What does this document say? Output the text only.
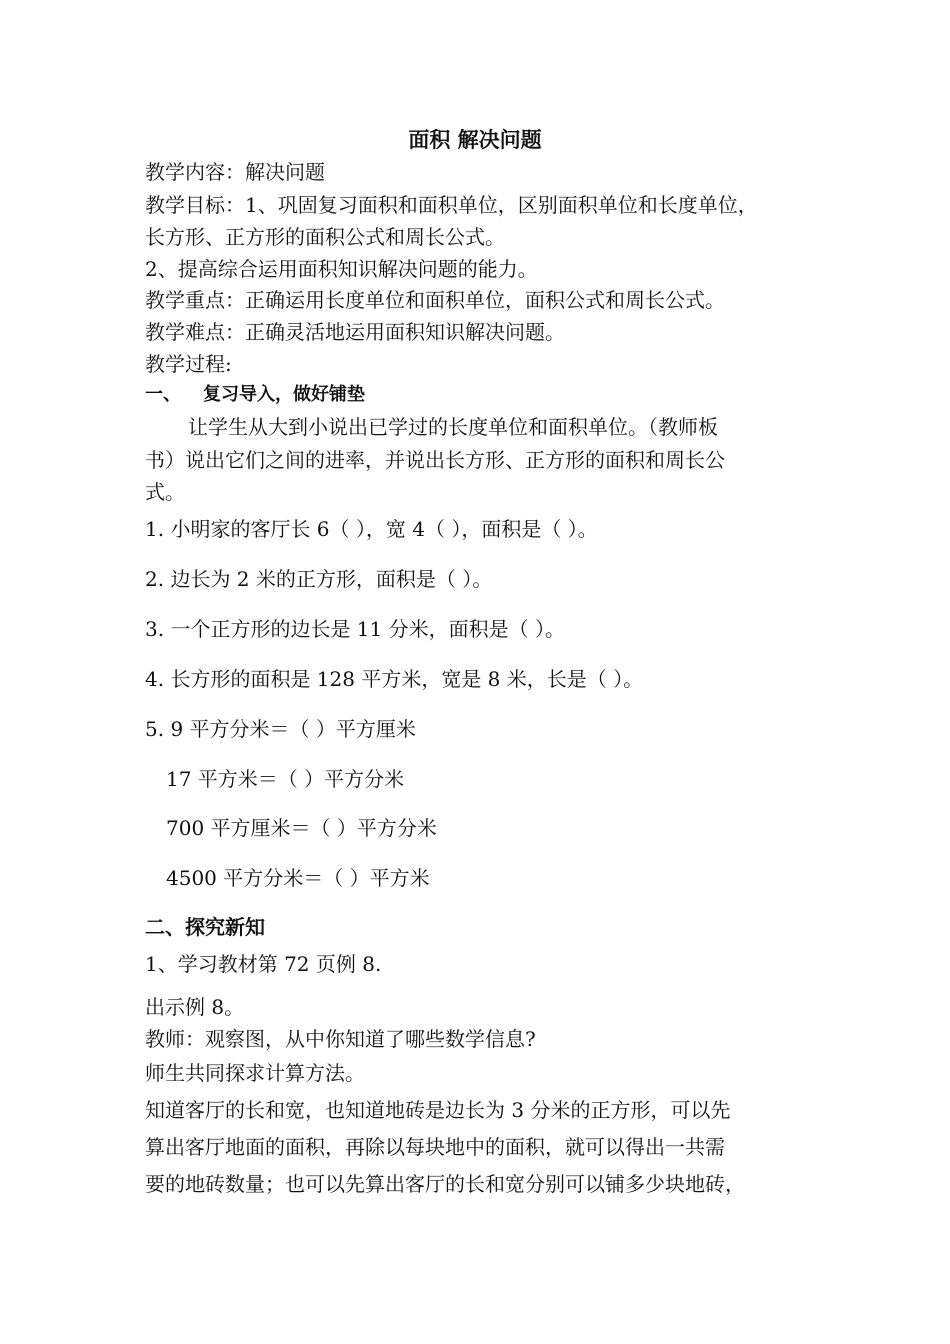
面积 解决问题
教学内容：解决问题
教学目标：1、巩固复习面积和面积单位，区别面积单位和长度单位，
长方形、正方形的面积公式和周长公式。
2、提高综合运用面积知识解决问题的能力。
教学重点：正确运用长度单位和面积单位，面积公式和周长公式。
教学难点：正确灵活地运用面积知识解决问题。
教学过程:
一、 复习导入，做好铺垫
让学生从大到小说出已学过的长度单位和面积单位。（教师板
书）说出它们之间的进率，并说出长方形、正方形的面积和周长公
式。
1. 小明家的客厅长 6（ ），宽 4（ ），面积是（ ）。
2. 边长为 2 米的正方形，面积是（ ）。
3. 一个正方形的边长是 11 分米，面积是（ ）。
4. 长方形的面积是 128 平方米，宽是 8 米，长是（ ）。
5. 9 平方分米＝（ ）平方厘米
17 平方米＝（ ）平方分米
700 平方厘米＝（ ）平方分米
4500 平方分米＝（ ）平方米
二、探究新知
1、学习教材第 72 页例 8.
出示例 8。
教师：观察图，从中你知道了哪些数学信息?
师生共同探求计算方法。
知道客厅的长和宽，也知道地砖是边长为 3 分米的正方形，可以先
算出客厅地面的面积，再除以每块地中的面积，就可以得出一共需
要的地砖数量；也可以先算出客厅的长和宽分别可以铺多少块地砖，
